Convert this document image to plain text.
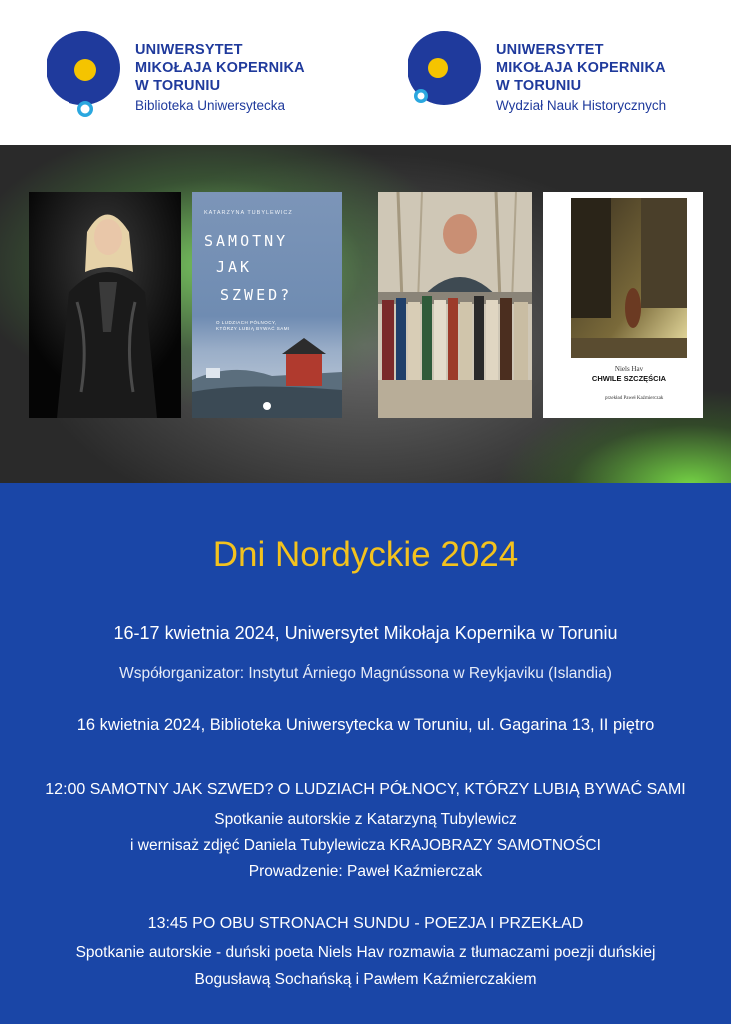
UNIWERSYTET
MIKOŁAJA KOPERNIKA
W TORUNIU
Biblioteka Uniwersytecka
UNIWERSYTET
MIKOŁAJA KOPERNIKA
W TORUNIU
Wydział Nauk Historycznych
KATARZYNA TUBYLEWICZ
SAMOTNY
JAK
SZWED?
O LUDZIACH PÓŁNOCY,
KTÓRZY LUBIĄ BYWAĆ SAMI
Niels Hav
CHWILE SZCZĘŚCIA
przekład Paweł Kaźmierczak
Dni Nordyckie 2024
16-17 kwietnia 2024, Uniwersytet Mikołaja Kopernika w Toruniu
Współorganizator: Instytut Árniego Magnússona w Reykjaviku (Islandia)
16 kwietnia 2024, Biblioteka Uniwersytecka w Toruniu, ul. Gagarina 13, II piętro
12:00 SAMOTNY JAK SZWED? O LUDZIACH PÓŁNOCY, KTÓRZY LUBIĄ BYWAĆ SAMI
Spotkanie autorskie z Katarzyną Tubylewicz
i wernisaż zdjęć Daniela Tubylewicza KRAJOBRAZY SAMOTNOŚCI
Prowadzenie: Paweł Kaźmierczak
13:45 PO OBU STRONACH SUNDU - POEZJA I PRZEKŁAD
Spotkanie autorskie - duński poeta Niels Hav rozmawia z tłumaczami poezji duńskiej
Bogusławą Sochańską i Pawłem Kaźmierczakiem
